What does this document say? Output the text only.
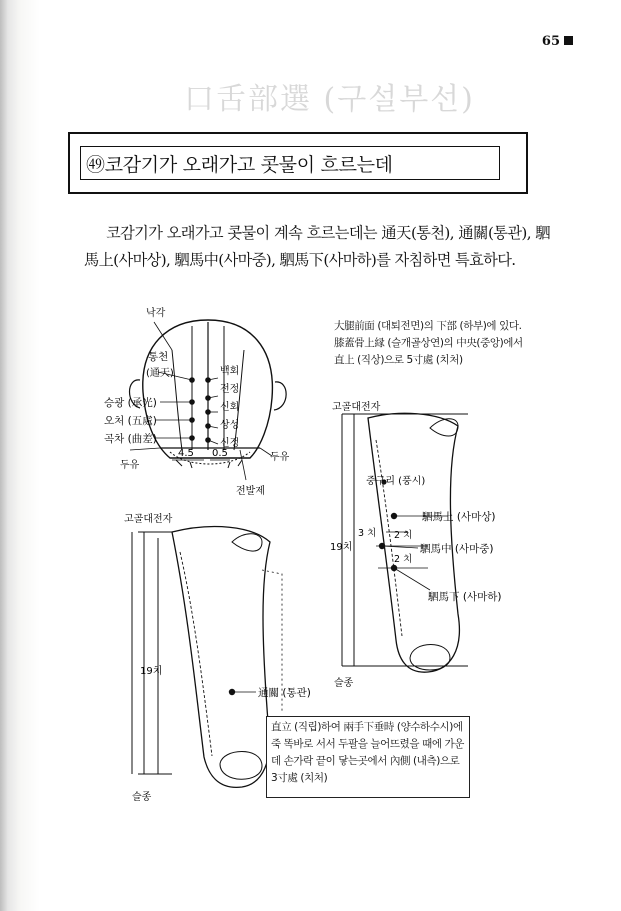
65
口舌部選 (구설부선)
㊾코감기가 오래가고 콧물이 흐르는데
코감기가 오래가고 콧물이 계속 흐르는데는 通天(통천), 通關(통관), 駟馬上(사마상), 駟馬中(사마중), 駟馬下(사마하)를 자침하면 특효하다.
낙각
통천
(通天)	백회
전정
신회
상성
신정
승광 (承光)
오처 (五處)
곡차 (曲差)
4.5 0.5
두유
두유
전발제
고골대전자
19치
通關 (통관)
슬종
고골대전자
중구리 (풍시)
3 치 2 치
2 치
19치
駟馬上 (사마상)
駟馬中 (사마중)
駟馬下 (사마하)
슬종
大腿前面 (대퇴전면)의 下部 (하부)에 있다. 膝蓋骨上縁 (슬개골상연)의 中央(중앙)에서 直上 (직상)으로 5寸處 (치처)
直立 (직립)하여 兩手下垂時 (양수하수시)에 죽 똑바로 서서 두팔을 늘어뜨렸을 때에 가운데 손가락 끝이 닿는곳에서 內側 (내측)으로 3寸處 (치처)
